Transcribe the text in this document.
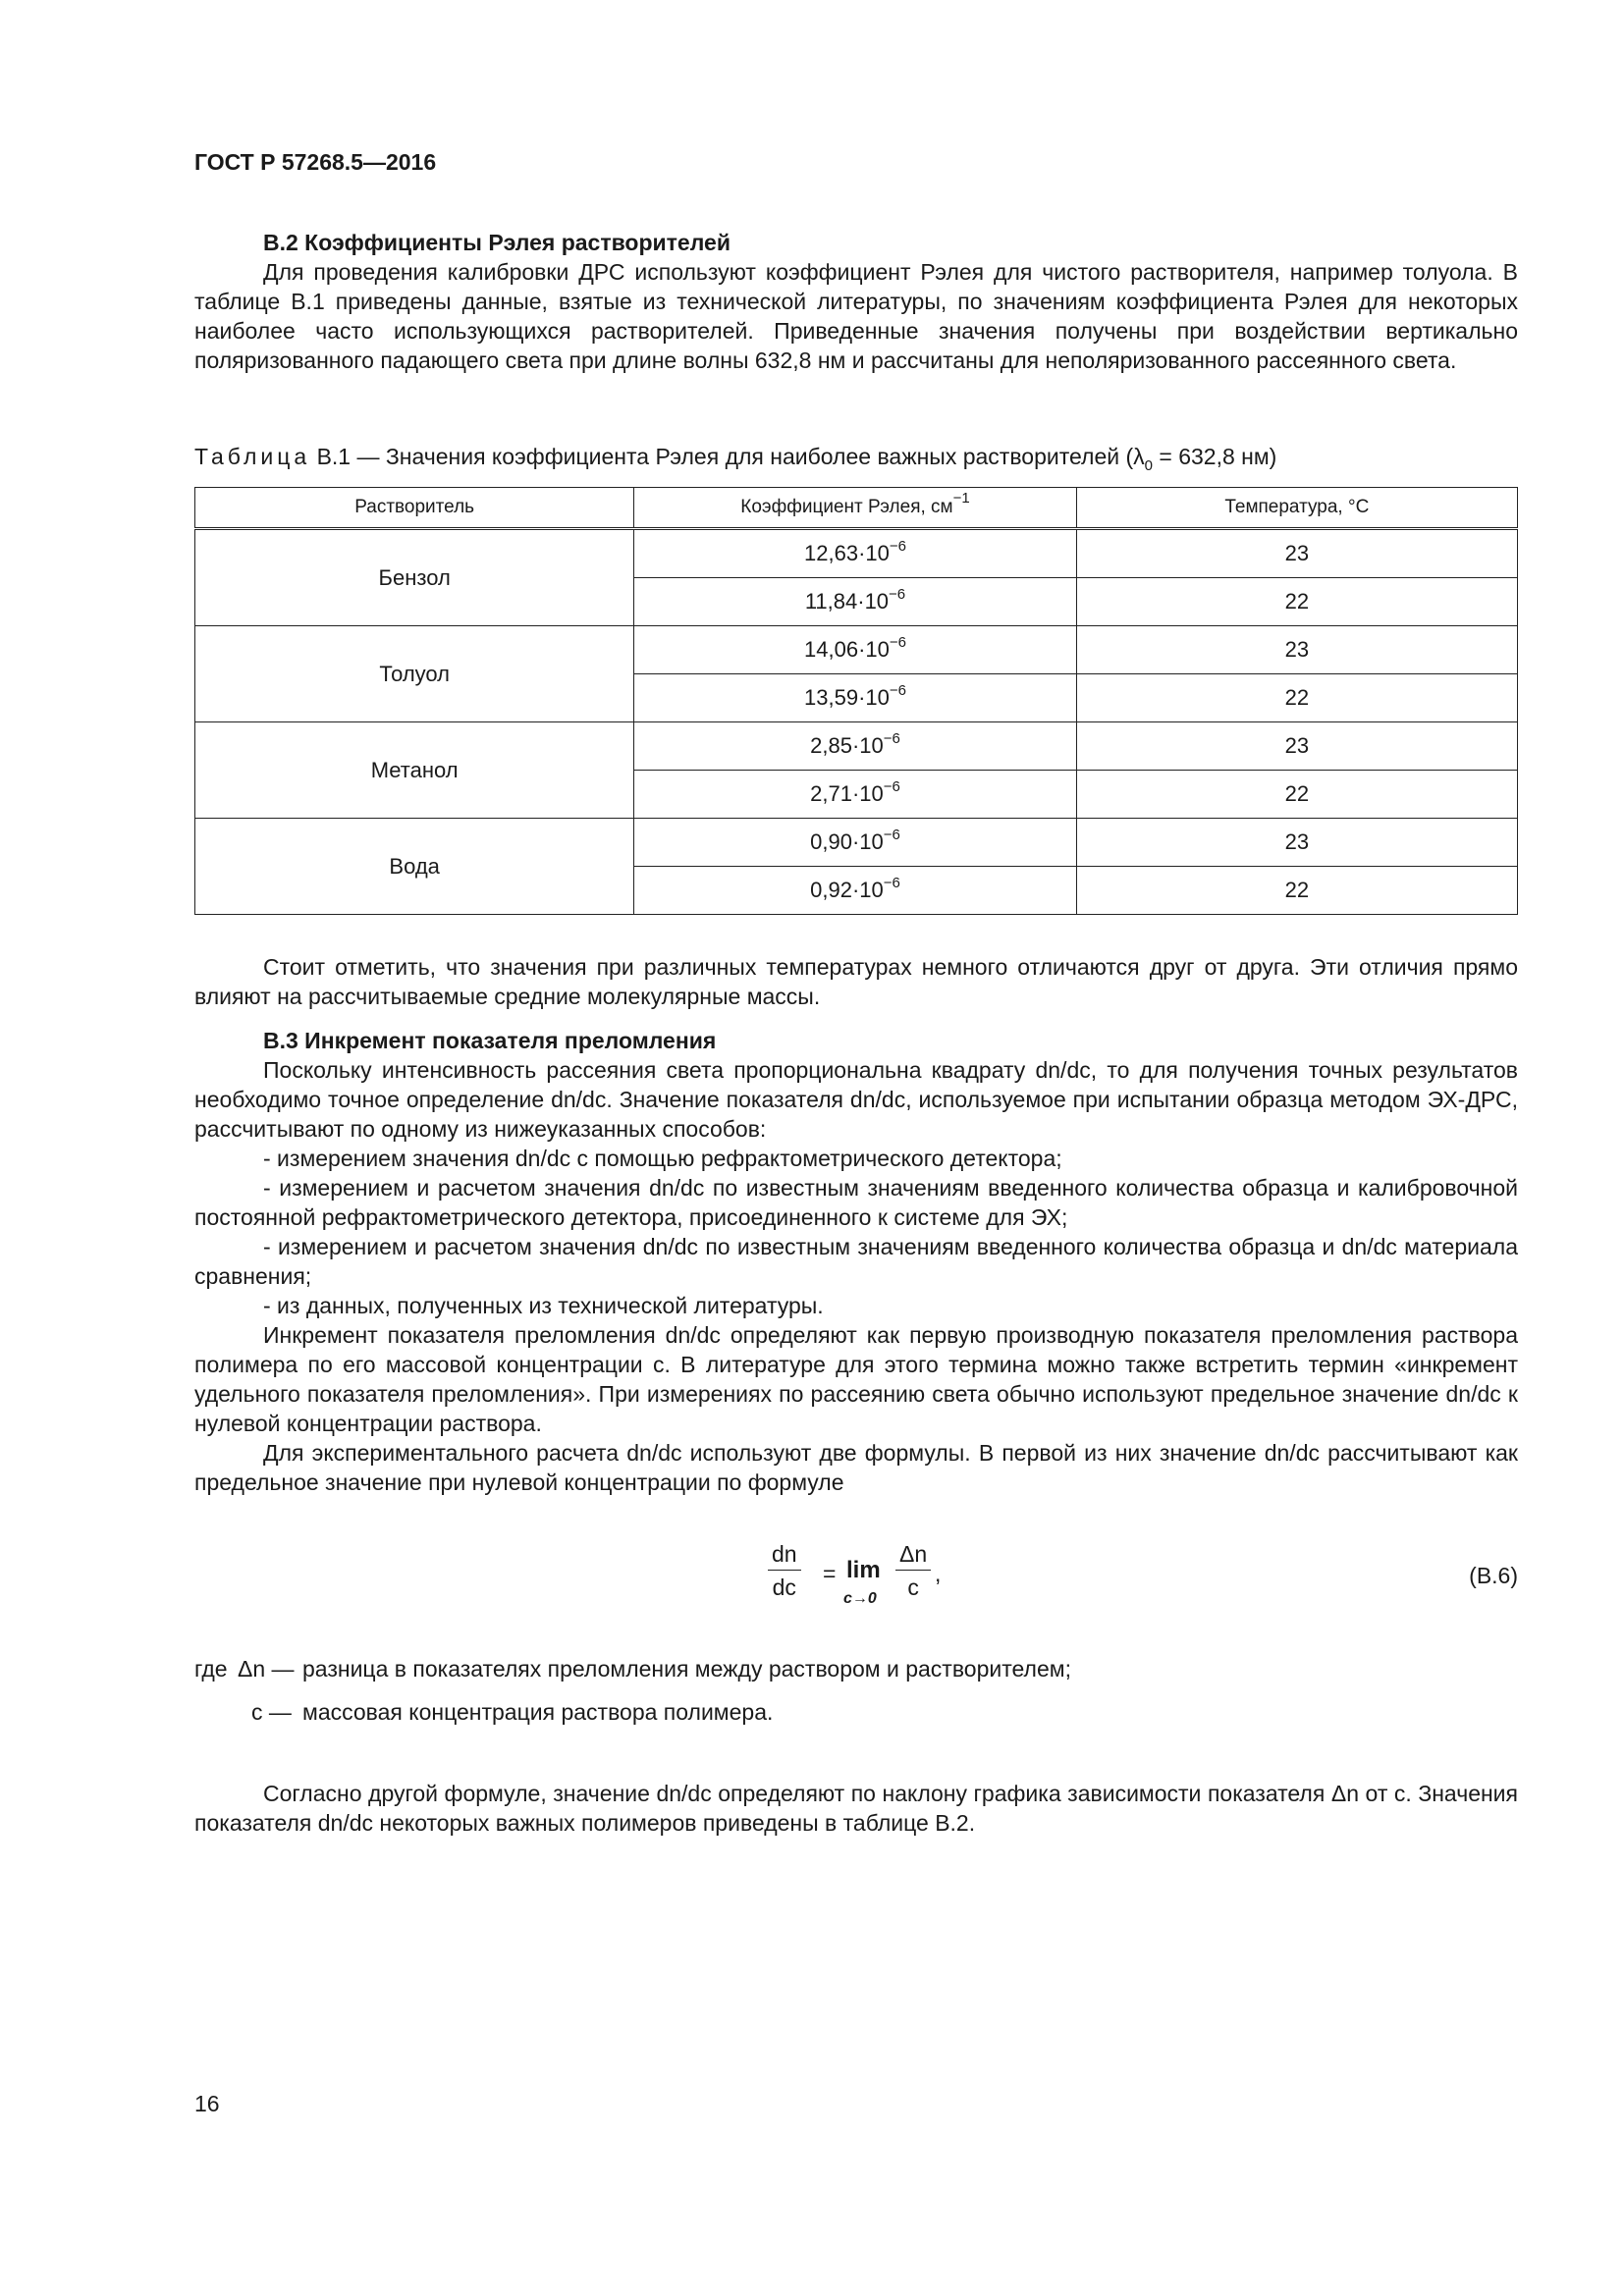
ГОСТ Р 57268.5—2016
В.2 Коэффициенты Рэлея растворителей

Для проведения калибровки ДРС используют коэффициент Рэлея для чистого растворителя, например толуола. В таблице В.1 приведены данные, взятые из технической литературы, по значениям коэффициента Рэлея для некоторых наиболее часто использующихся растворителей. Приведенные значения получены при воздействии вертикально поляризованного падающего света при длине волны 632,8 нм и рассчитаны для неполяризованного рассеянного света.

Таблица В.1 — Значения коэффициента Рэлея для наиболее важных растворителей ($\lambda_0 = 632,8$ нм)
Растворитель	Коэффициент Рэлея, $см^{-1}$	Температура, °С
Бензол	$12,63\cdot 10^{-6}$	23
	$11,84\cdot 10^{-6}$	22
Толуол	$14,06\cdot 10^{-6}$	23
	$13,59\cdot 10^{-6}$	22
Метанол	$2,85\cdot 10^{-6}$	23
	$2,71\cdot 10^{-6}$	22
Вода	$0,90\cdot 10^{-6}$	23
	$0,92\cdot 10^{-6}$	22

Стоит отметить, что значения при различных температурах немного отличаются друг от друга. Эти отличия прямо влияют на рассчитываемые средние молекулярные массы.

В.3 Инкремент показателя преломления

Поскольку интенсивность рассеяния света пропорциональна квадрату dn/dc, то для получения точных результатов необходимо точное определение dn/dc. Значение показателя dn/dc, используемое при испытании образца методом ЭХ-ДРС, рассчитывают по одному из нижеуказанных способов:

- измерением значения dn/dc с помощью рефрактометрического детектора;

- измерением и расчетом значения dn/dc по известным значениям введенного количества образца и калибровочной постоянной рефрактометрического детектора, присоединенного к системе для ЭХ;

- измерением и расчетом значения dn/dc по известным значениям введенного количества образца и dn/dc материала сравнения;

- из данных, полученных из технической литературы.

Инкремент показателя преломления dn/dc определяют как первую производную показателя преломления раствора полимера по его массовой концентрации c. В литературе для этого термина можно также встретить термин «инкремент удельного показателя преломления». При измерениях по рассеянию света обычно используют предельное значение dn/dc к нулевой концентрации раствора.

Для экспериментального расчета dn/dc используют две формулы. В первой из них значение dn/dc рассчитывают как предельное значение при нулевой концентрации по формуле

$\frac{dn}{dc} = \lim$
$c\to 0 \frac{\Delta n}{c}$ ,	(В.6)
где Δn — разница в показателях преломления между раствором и растворителем;
c — массовая концентрация раствора полимера.

Согласно другой формуле, значение dn/dc определяют по наклону графика зависимости показателя Δn от c. Значения показателя dn/dc некоторых важных полимеров приведены в таблице В.2.

16
